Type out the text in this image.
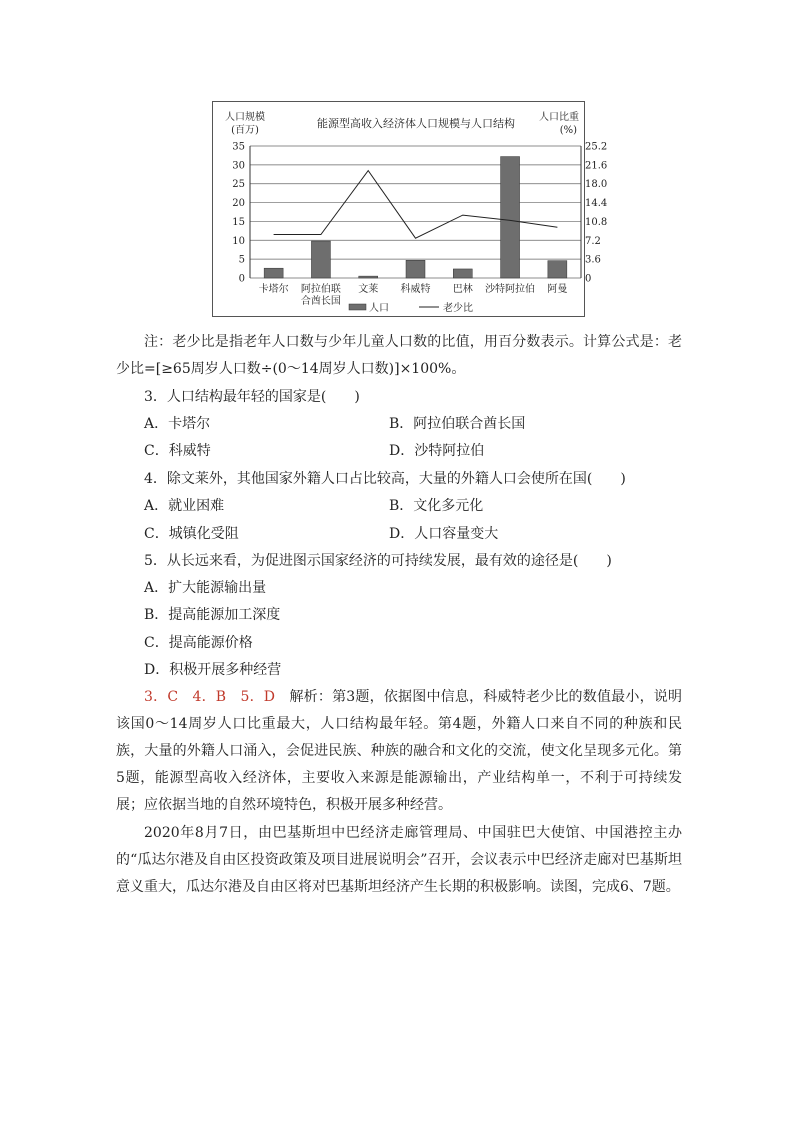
能源型高收入经济体人口规模与人口结构
人口规模
(百万)
人口比重
(%)
0	0
5	3.6
10	7.2
15	10.8
20	14.4
25	18.0
30	21.6
35	25.2
卡塔尔 阿拉伯联
合酋长国
文莱 科威特 巴林 沙特阿拉伯 阿曼
人口	老少比

注：老少比是指老年人口数与少年儿童人口数的比值，用百分数表示。计算公式是：老少比=[≥65周岁人口数÷(0～14周岁人口数)]×100%。

3．人口结构最年轻的国家是(　　)
A．卡塔尔	B．阿拉伯联合酋长国
C．科威特	D．沙特阿拉伯
4．除文莱外，其他国家外籍人口占比较高，大量的外籍人口会使所在国(　　)
A．就业困难	B．文化多元化
C．城镇化受阻	D．人口容量变大
5．从长远来看，为促进图示国家经济的可持续发展，最有效的途径是(　　)
A．扩大能源输出量
B．提高能源加工深度
C．提高能源价格
D．积极开展多种经营

3．C　4．B　5．D　解析：第3题，依据图中信息，科威特老少比的数值最小，说明该国0～14周岁人口比重最大，人口结构最年轻。第4题，外籍人口来自不同的种族和民族，大量的外籍人口涌入，会促进民族、种族的融合和文化的交流，使文化呈现多元化。第5题，能源型高收入经济体，主要收入来源是能源输出，产业结构单一，不利于可持续发展；应依据当地的自然环境特色，积极开展多种经营。

2020年8月7日，由巴基斯坦中巴经济走廊管理局、中国驻巴大使馆、中国港控主办的“瓜达尔港及自由区投资政策及项目进展说明会”召开，会议表示中巴经济走廊对巴基斯坦意义重大，瓜达尔港及自由区将对巴基斯坦经济产生长期的积极影响。读图，完成6、7题。
